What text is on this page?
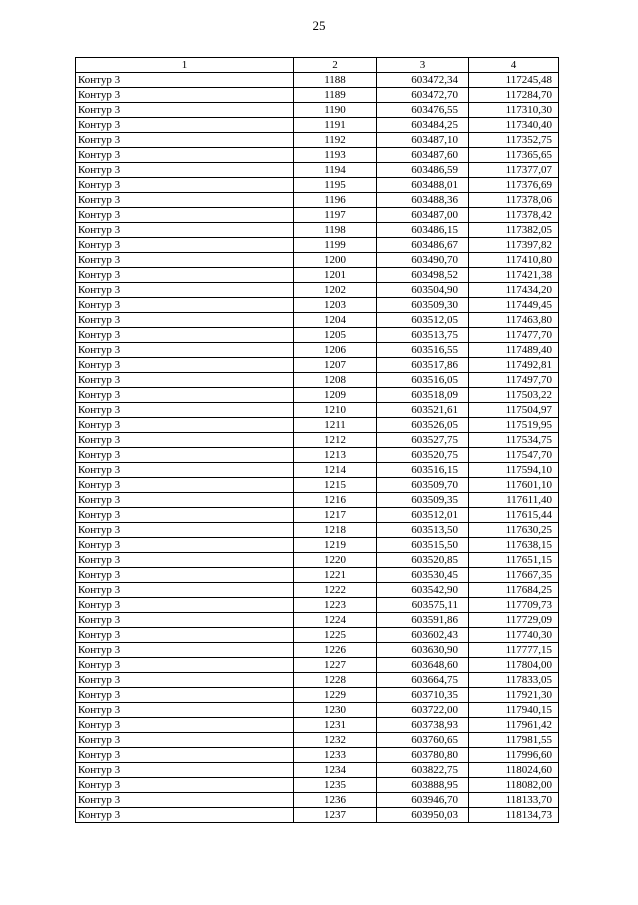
25
1	2	3	4
Контур 3	1188	603472,34	117245,48
Контур 3	1189	603472,70	117284,70
Контур 3	1190	603476,55	117310,30
Контур 3	1191	603484,25	117340,40
Контур 3	1192	603487,10	117352,75
Контур 3	1193	603487,60	117365,65
Контур 3	1194	603486,59	117377,07
Контур 3	1195	603488,01	117376,69
Контур 3	1196	603488,36	117378,06
Контур 3	1197	603487,00	117378,42
Контур 3	1198	603486,15	117382,05
Контур 3	1199	603486,67	117397,82
Контур 3	1200	603490,70	117410,80
Контур 3	1201	603498,52	117421,38
Контур 3	1202	603504,90	117434,20
Контур 3	1203	603509,30	117449,45
Контур 3	1204	603512,05	117463,80
Контур 3	1205	603513,75	117477,70
Контур 3	1206	603516,55	117489,40
Контур 3	1207	603517,86	117492,81
Контур 3	1208	603516,05	117497,70
Контур 3	1209	603518,09	117503,22
Контур 3	1210	603521,61	117504,97
Контур 3	1211	603526,05	117519,95
Контур 3	1212	603527,75	117534,75
Контур 3	1213	603520,75	117547,70
Контур 3	1214	603516,15	117594,10
Контур 3	1215	603509,70	117601,10
Контур 3	1216	603509,35	117611,40
Контур 3	1217	603512,01	117615,44
Контур 3	1218	603513,50	117630,25
Контур 3	1219	603515,50	117638,15
Контур 3	1220	603520,85	117651,15
Контур 3	1221	603530,45	117667,35
Контур 3	1222	603542,90	117684,25
Контур 3	1223	603575,11	117709,73
Контур 3	1224	603591,86	117729,09
Контур 3	1225	603602,43	117740,30
Контур 3	1226	603630,90	117777,15
Контур 3	1227	603648,60	117804,00
Контур 3	1228	603664,75	117833,05
Контур 3	1229	603710,35	117921,30
Контур 3	1230	603722,00	117940,15
Контур 3	1231	603738,93	117961,42
Контур 3	1232	603760,65	117981,55
Контур 3	1233	603780,80	117996,60
Контур 3	1234	603822,75	118024,60
Контур 3	1235	603888,95	118082,00
Контур 3	1236	603946,70	118133,70
Контур 3	1237	603950,03	118134,73
